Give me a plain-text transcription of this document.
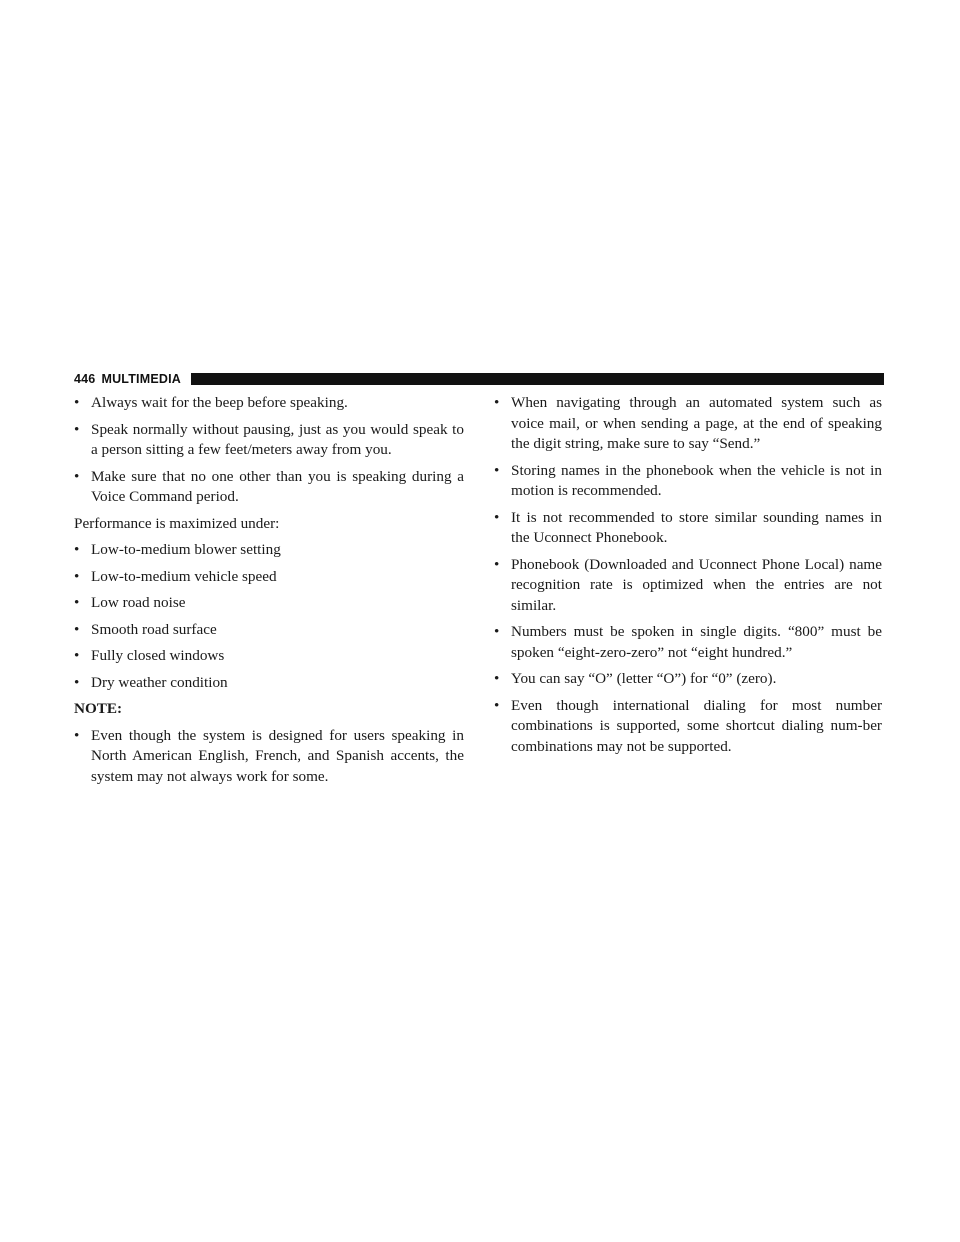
446 MULTIMEDIA
• Always wait for the beep before speaking.
• Speak normally without pausing, just as you would speak to a person sitting a few feet/meters away from you.
• Make sure that no one other than you is speaking during a Voice Command period.

Performance is maximized under:

• Low-to-medium blower setting
• Low-to-medium vehicle speed
• Low road noise
• Smooth road surface
• Fully closed windows
• Dry weather condition

NOTE:

• Even though the system is designed for users speaking in North American English, French, and Spanish accents, the system may not always work for some.
• When navigating through an automated system such as voice mail, or when sending a page, at the end of speaking the digit string, make sure to say “Send.”
• Storing names in the phonebook when the vehicle is not in motion is recommended.
• It is not recommended to store similar sounding names in the Uconnect Phonebook.
• Phonebook (Downloaded and Uconnect Phone Local) name recognition rate is optimized when the entries are not similar.
• Numbers must be spoken in single digits. “800” must be spoken “eight-zero-zero” not “eight hundred.”
• You can say “O” (letter “O”) for “0” (zero).
• Even though international dialing for most number combinations is supported, some shortcut dialing num-ber combinations may not be supported.
